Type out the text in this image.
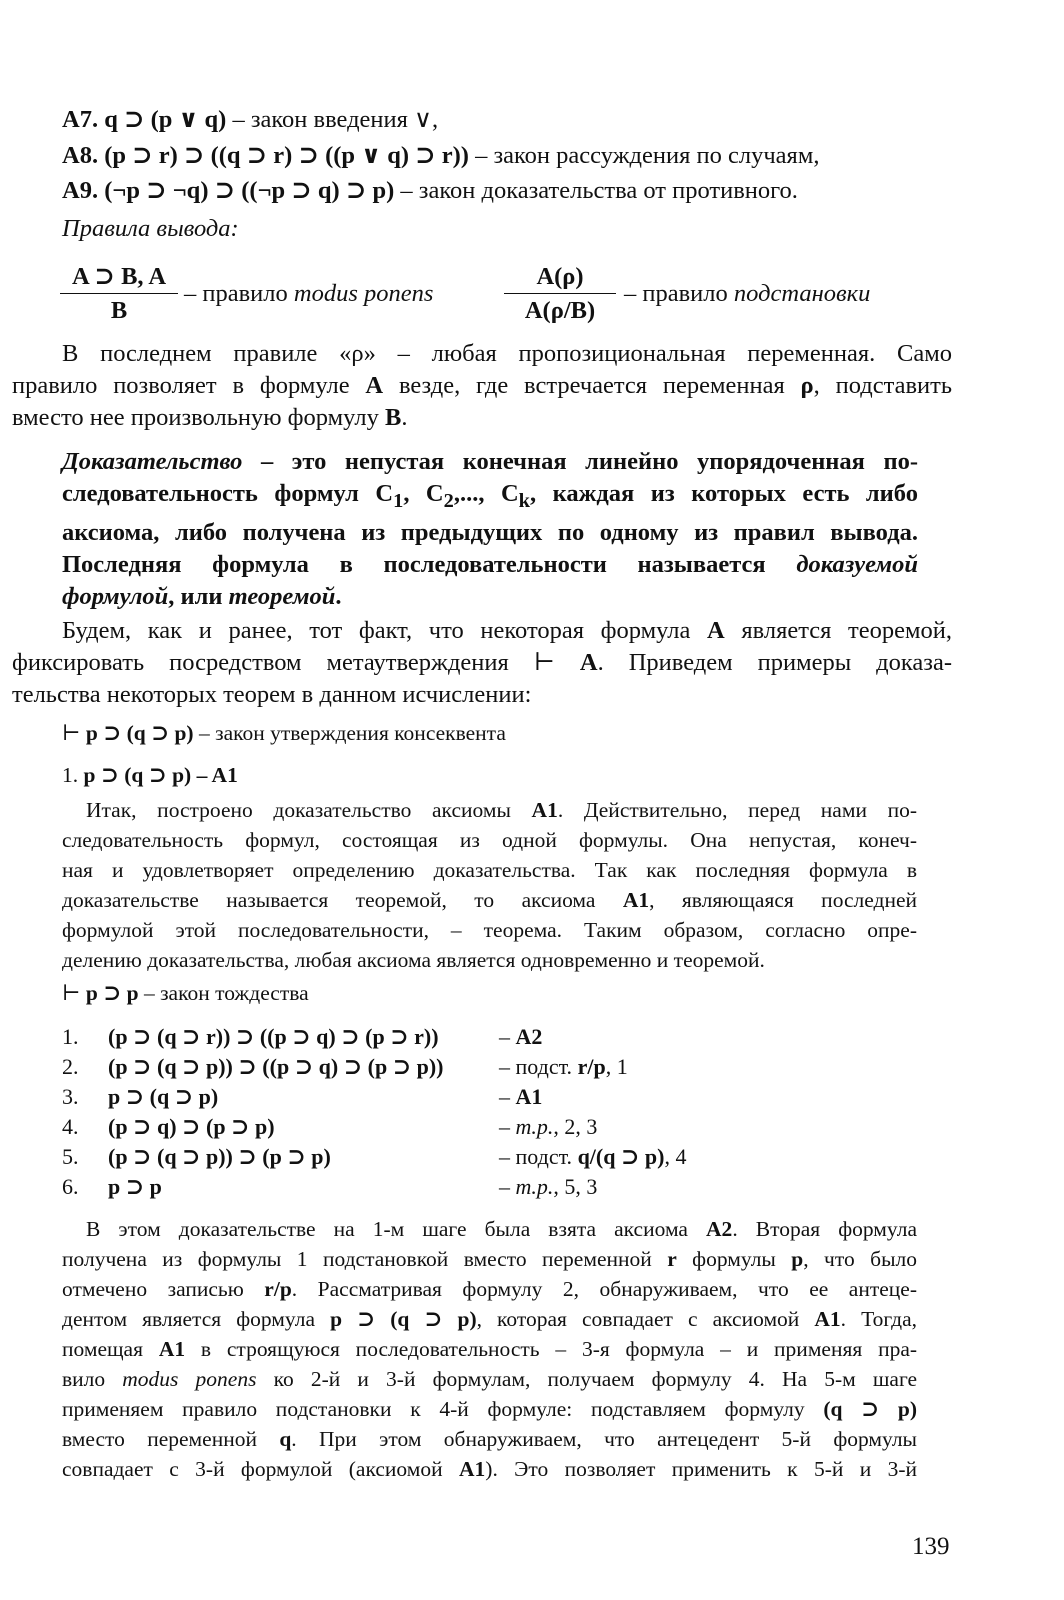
А7. q ⊃ (p ∨ q) – закон введения ∨,
А8. (p ⊃ r) ⊃ ((q ⊃ r) ⊃ ((p ∨ q) ⊃ r)) – закон рассуждения по случаям,
А9. (¬p ⊃ ¬q) ⊃ ((¬p ⊃ q) ⊃ p) – закон доказательства от противного.
Правила вывода:
A ⊃ B, A
B
– правило modus ponens
A(ρ)
A(ρ/B)
– правило подстановки
В последнем правиле «ρ» – любая пропозициональная переменная. Само
правило позволяет в формуле A везде, где встречается переменная ρ, подставить
вместо нее произвольную формулу B.
Доказательство – это непустая конечная линейно упорядоченная по-
следовательность формул $C_1$, $C_2$,..., $C_k$, каждая из которых есть либо
аксиома, либо получена из предыдущих по одному из правил вывода.
Последняя формула в последовательности называется доказуемой
формулой, или теоремой.
Будем, как и ранее, тот факт, что некоторая формула A является теоремой,
фиксировать посредством метаутверждения ⊢ A. Приведем примеры доказа-
тельства некоторых теорем в данном исчислении:
⊢ p ⊃ (q ⊃ p) – закон утверждения консеквента
1. p ⊃ (q ⊃ p) – A1
Итак, построено доказательство аксиомы A1. Действительно, перед нами по-
следовательность формул, состоящая из одной формулы. Она непустая, конеч-
ная и удовлетворяет определению доказательства. Так как последняя формула в
доказательстве называется теоремой, то аксиома A1, являющаяся последней
формулой этой последовательности, – теорема. Таким образом, согласно опре-
делению доказательства, любая аксиома является одновременно и теоремой.
⊢ p ⊃ p – закон тождества
1. (p ⊃ (q ⊃ r)) ⊃ ((p ⊃ q) ⊃ (p ⊃ r))	– A2
2. (p ⊃ (q ⊃ p)) ⊃ ((p ⊃ q) ⊃ (p ⊃ p))	– подст. r/p, 1
3. p ⊃ (q ⊃ p)	– A1
4. (p ⊃ q) ⊃ (p ⊃ p)	– m.p., 2, 3
5. (p ⊃ (q ⊃ p)) ⊃ (p ⊃ p)	– подст. q/(q ⊃ p), 4
6. p ⊃ p	– m.p., 5, 3
В этом доказательстве на 1-м шаге была взята аксиома A2. Вторая формула
получена из формулы 1 подстановкой вместо переменной r формулы p, что было
отмечено записью r/p. Рассматривая формулу 2, обнаруживаем, что ее антеце-
дентом является формула p ⊃ (q ⊃ p), которая совпадает с аксиомой A1. Тогда,
помещая A1 в строящуюся последовательность – 3-я формула – и применяя пра-
вило modus ponens ко 2-й и 3-й формулам, получаем формулу 4. На 5-м шаге
применяем правило подстановки к 4-й формуле: подставляем формулу (q ⊃ p)
вместо переменной q. При этом обнаруживаем, что антецедент 5-й формулы
совпадает с 3-й формулой (аксиомой A1). Это позволяет применить к 5-й и 3-й
139
